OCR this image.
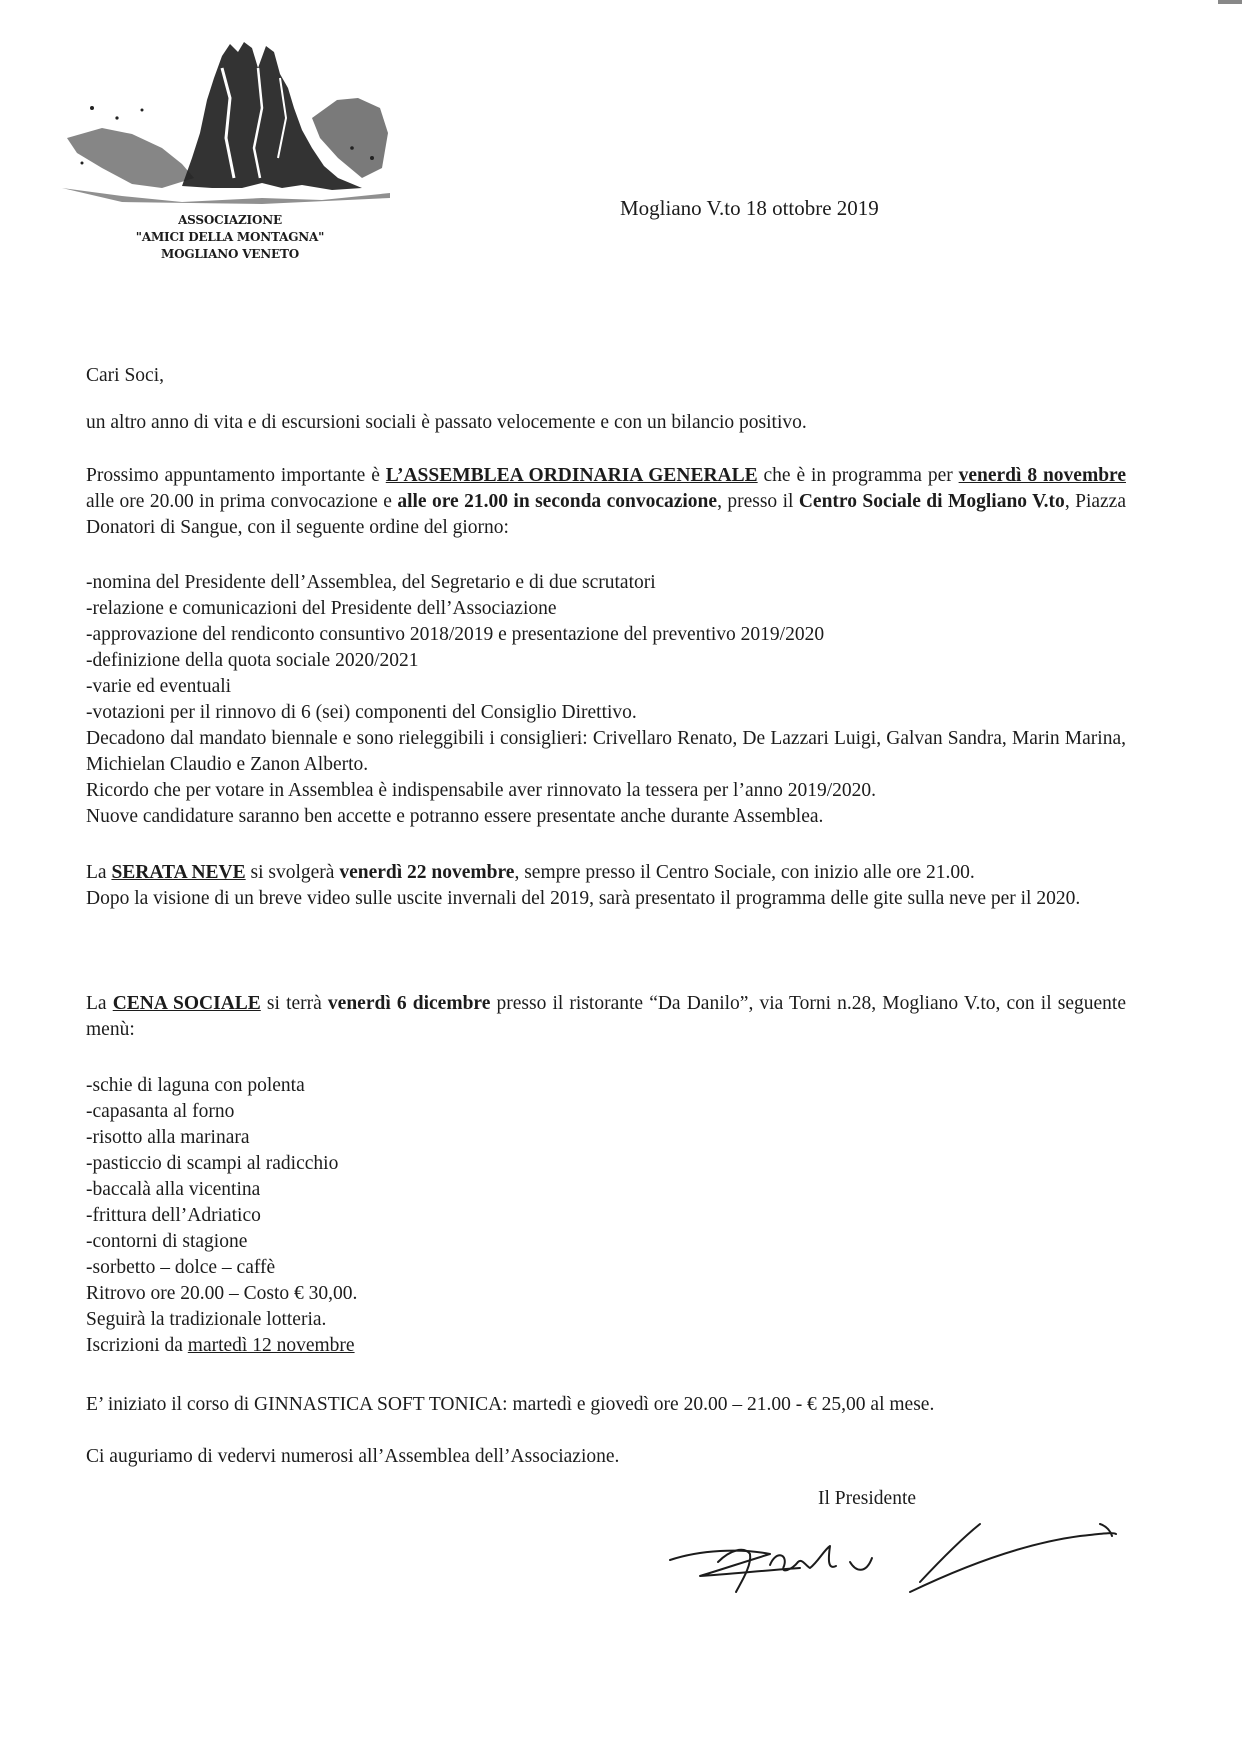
ASSOCIAZIONE
"AMICI DELLA MONTAGNA"
MOGLIANO VENETO
Mogliano V.to 18 ottobre 2019
Cari Soci,
un altro anno di vita e di escursioni sociali è passato velocemente e con un bilancio positivo.
Prossimo appuntamento importante è L’ASSEMBLEA ORDINARIA GENERALE che è in programma per venerdì 8 novembre alle ore 20.00 in prima convocazione e alle ore 21.00 in seconda convocazione, presso il Centro Sociale di Mogliano V.to, Piazza Donatori di Sangue, con il seguente ordine del giorno:
-nomina del Presidente dell’Assemblea, del Segretario e di due scrutatori
-relazione e comunicazioni del Presidente dell’Associazione
-approvazione del rendiconto consuntivo 2018/2019 e presentazione del preventivo 2019/2020
-definizione della quota sociale 2020/2021
-varie ed eventuali
-votazioni per il rinnovo di 6 (sei) componenti del Consiglio Direttivo.
Decadono dal mandato biennale e sono rieleggibili i consiglieri: Crivellaro Renato, De Lazzari Luigi, Galvan Sandra, Marin Marina, Michielan Claudio e Zanon Alberto.
Ricordo che per votare in Assemblea è indispensabile aver rinnovato la tessera per l’anno 2019/2020.
Nuove candidature saranno ben accette e potranno essere presentate anche durante Assemblea.
La SERATA NEVE si svolgerà venerdì 22 novembre, sempre presso il Centro Sociale, con inizio alle ore 21.00.
Dopo la visione di un breve video sulle uscite invernali del 2019, sarà presentato il programma delle gite sulla neve per il 2020.
La CENA SOCIALE si terrà venerdì 6 dicembre presso il ristorante “Da Danilo”, via Torni n.28, Mogliano V.to, con il seguente menù:
-schie di laguna con polenta
-capasanta al forno
-risotto alla marinara
-pasticcio di scampi al radicchio
-baccalà alla vicentina
-frittura dell’Adriatico
-contorni di stagione
-sorbetto – dolce – caffè
Ritrovo ore 20.00 – Costo € 30,00.
Seguirà la tradizionale lotteria.
Iscrizioni da martedì 12 novembre
E’ iniziato il corso di GINNASTICA SOFT TONICA: martedì e giovedì ore 20.00 – 21.00 - € 25,00 al mese.
Ci auguriamo di vedervi numerosi all’Assemblea dell’Associazione.
Il Presidente
